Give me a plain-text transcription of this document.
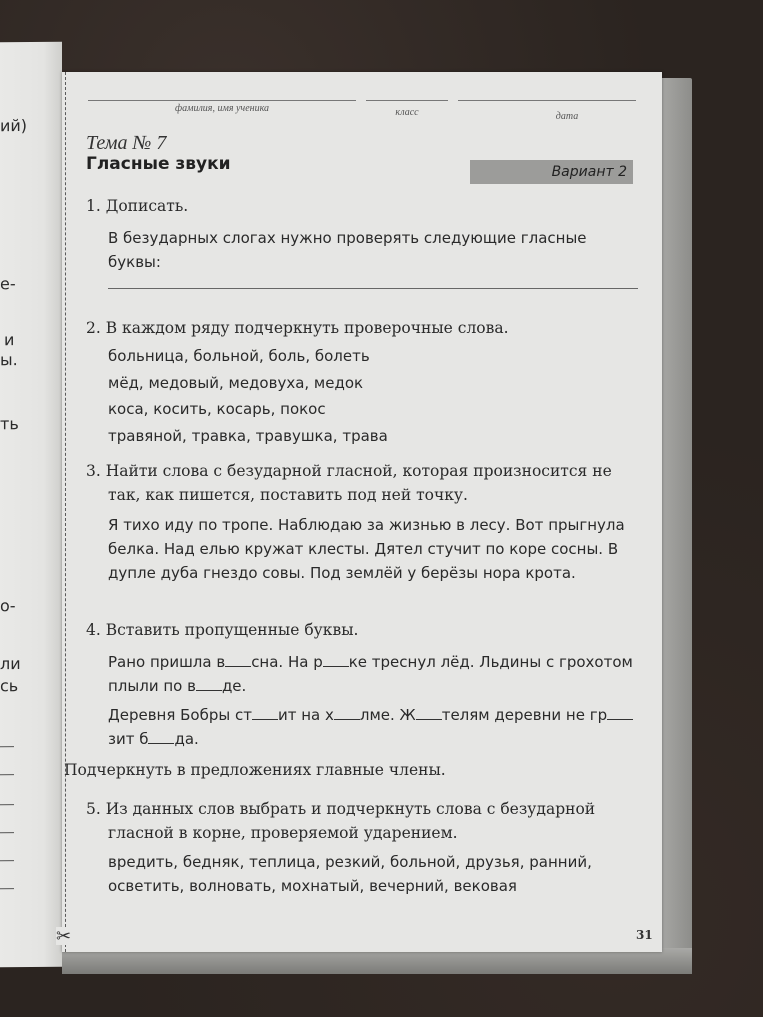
ий)
е-
и
ы.
ть
о-
ли
сь
✂
фамилия, имя ученика	класс	дата
Тема № 7
Гласные звуки	Вариант 2
1. Дописать.
В безударных слогах нужно проверять следующие гласные буквы:
2. В каждом ряду подчеркнуть проверочные слова.
больница, больной, боль, болеть
мёд, медовый, медовуха, медок
коса, косить, косарь, покос
травяной, травка, травушка, трава
3. Найти слова с безударной гласной, которая произносится не так, как пишется, поставить под ней точку.
Я тихо иду по тропе. Наблюдаю за жизнью в лесу. Вот прыгнула белка. Над елью кружат клесты. Дятел стучит по коре сосны. В дупле дуба гнездо совы. Под землёй у берёзы нора крота.
4. Вставить пропущенные буквы.
Рано пришла в сна. На р ке треснул лёд. Льдины с грохотом плыли по в де.
Деревня Бобры ст ит на х лме. Ж телям деревни не грзит б да.
Подчеркнуть в предложениях главные члены.
5. Из данных слов выбрать и подчеркнуть слова с безударной гласной в корне, проверяемой ударением.
вредить, бедняк, теплица, резкий, больной, друзья, ранний, осветить, волновать, мохнатый, вечерний, вековая
31
